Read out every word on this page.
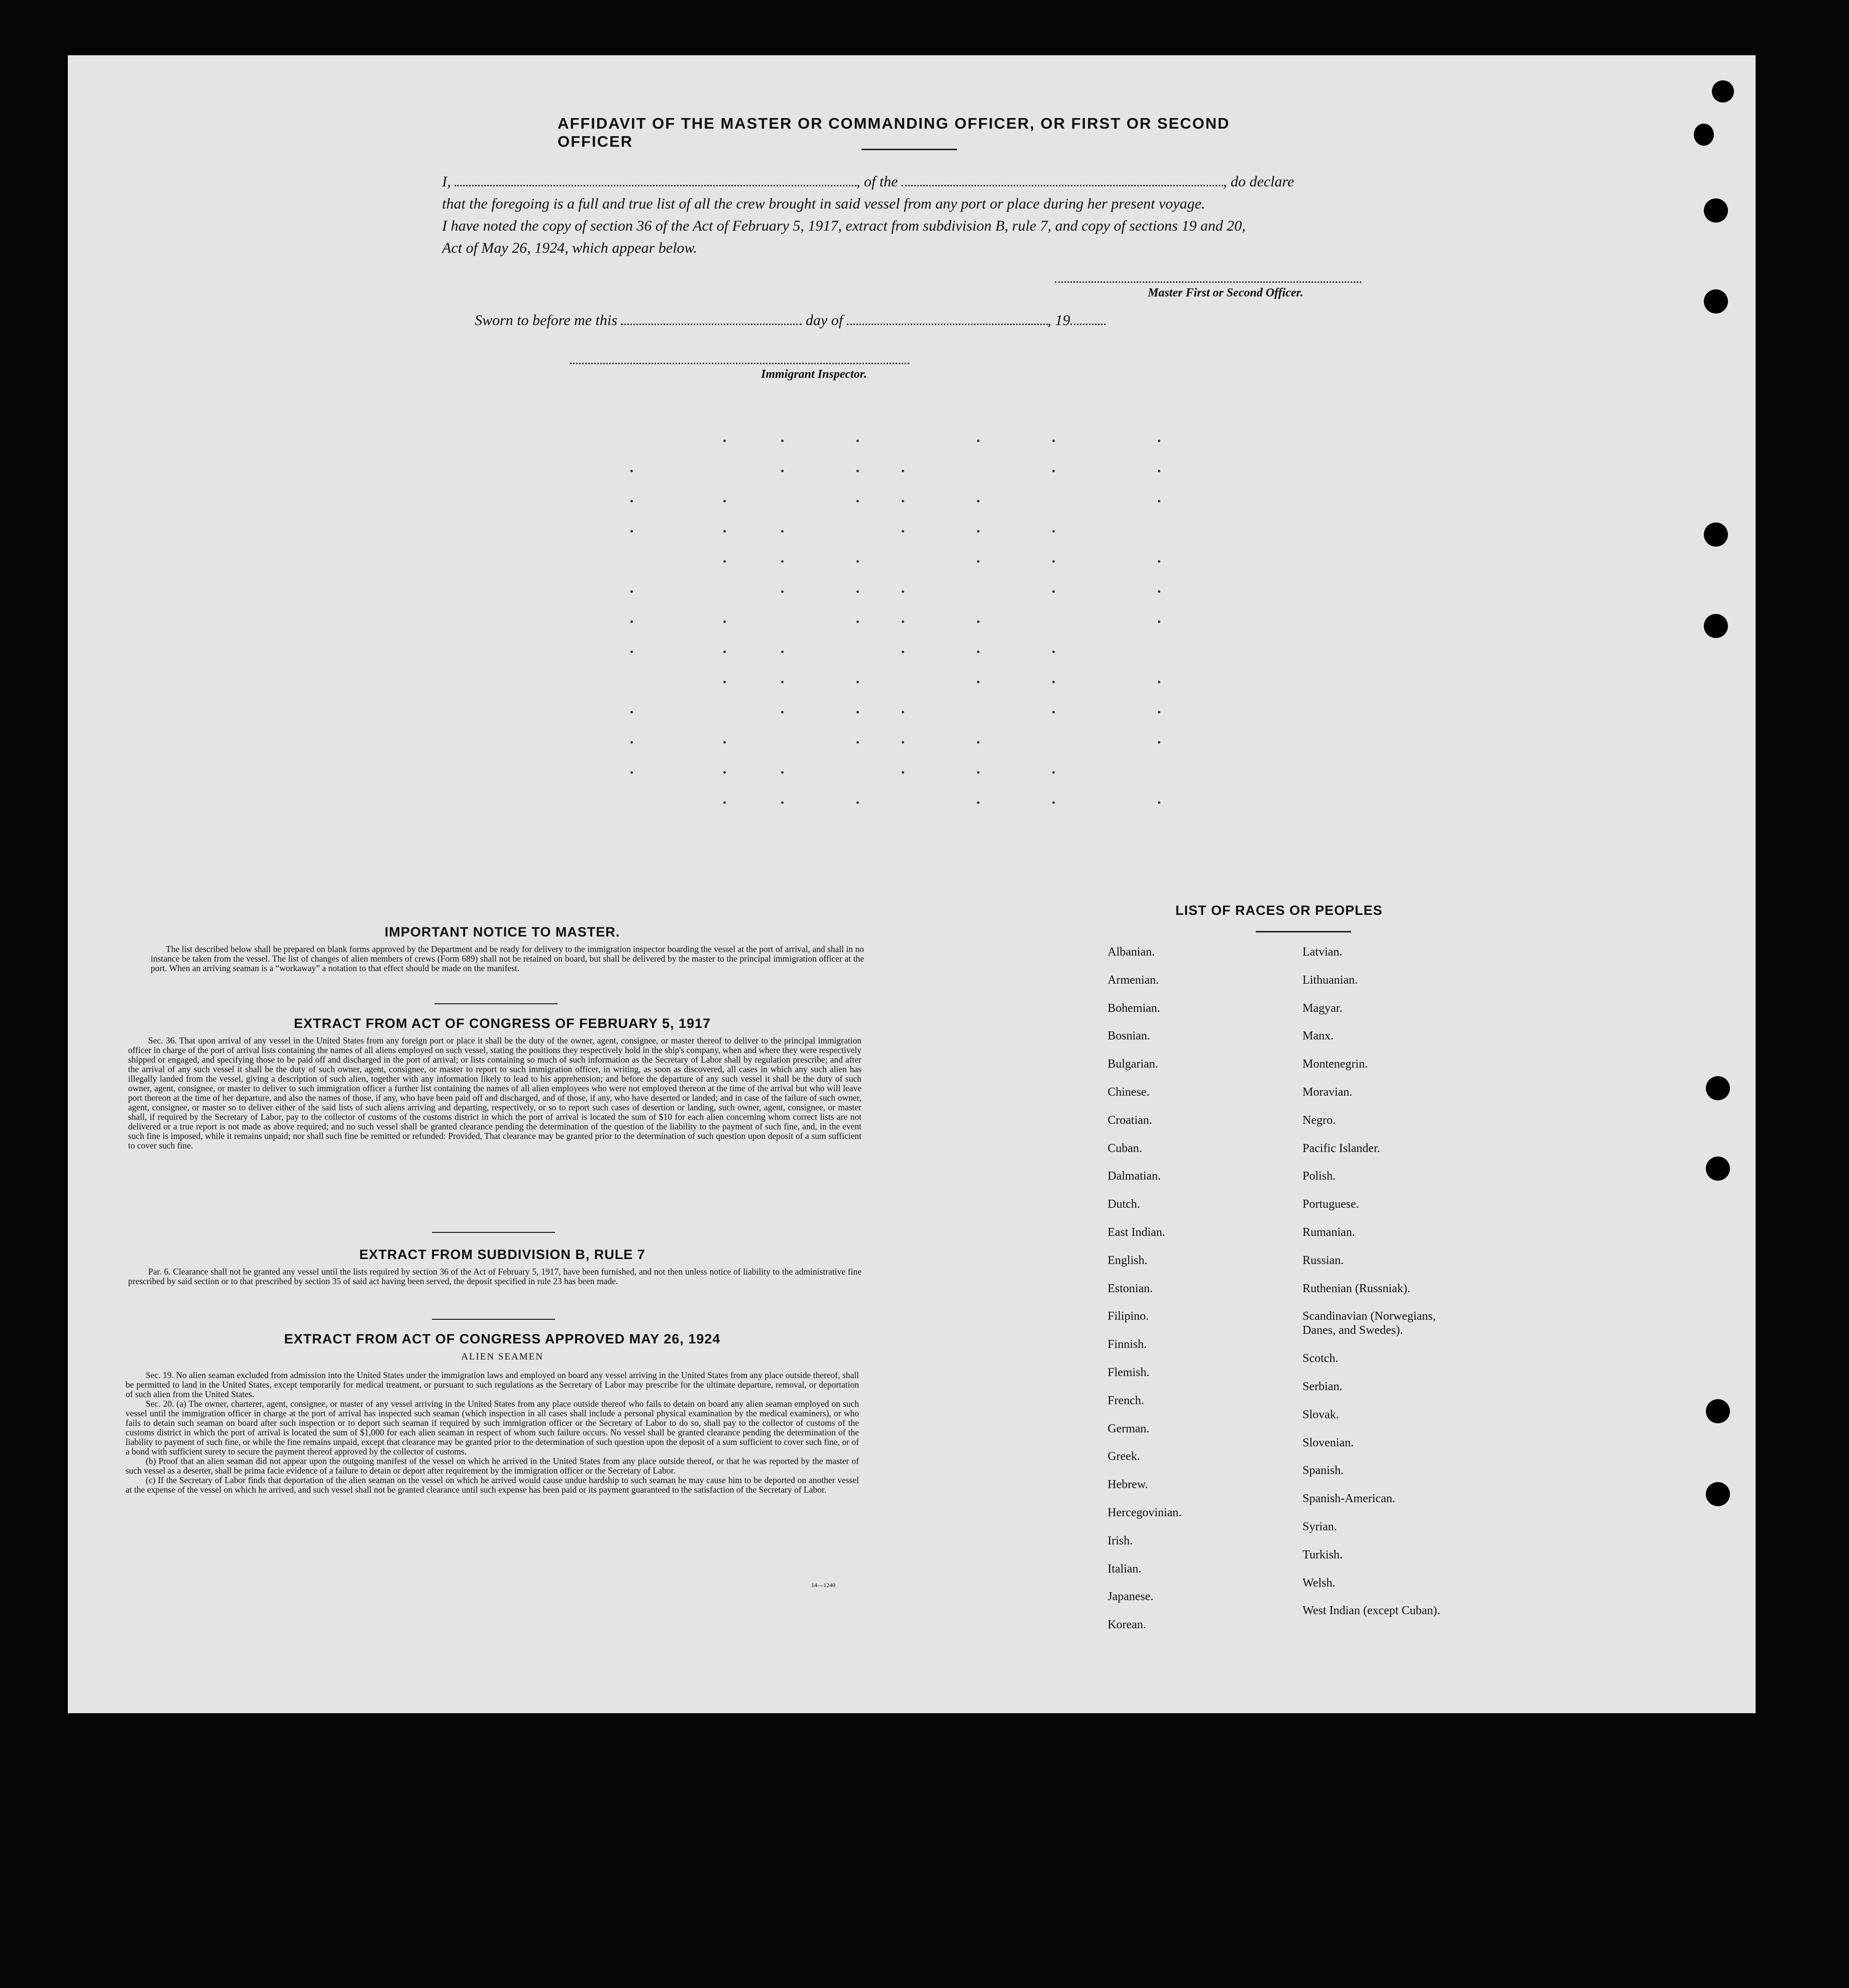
AFFIDAVIT OF THE MASTER OR COMMANDING OFFICER, OR FIRST OR SECOND OFFICER
I,	, of the	, do declare
that the foregoing is a full and true list of all the crew brought in said vessel from any port or place during her present voyage.
I have noted the copy of section 36 of the Act of February 5, 1917, extract from subdivision B, rule 7, and copy of sections 19 and 20,
Act of May 26, 1924, which appear below.
Master First or Second Officer.
Sworn to before me this	day of	, 19
Immigrant Inspector.
IMPORTANT NOTICE TO MASTER.
The list described below shall be prepared on blank forms approved by the Department and be ready for delivery to the immigration inspector boarding the vessel at the port of arrival, and shall in no instance be taken from the vessel. The list of changes of alien members of crews (Form 689) shall not be retained on board, but shall be delivered by the master to the principal immigration officer at the port. When an arriving seaman is a “workaway” a notation to that effect should be made on the manifest.
EXTRACT FROM ACT OF CONGRESS OF FEBRUARY 5, 1917
Sec. 36. That upon arrival of any vessel in the United States from any foreign port or place it shall be the duty of the owner, agent, consignee, or master thereof to deliver to the principal immigration officer in charge of the port of arrival lists containing the names of all aliens employed on such vessel, stating the positions they respectively hold in the ship's company, when and where they were respectively shipped or engaged, and specifying those to be paid off and discharged in the port of arrival; or lists containing so much of such information as the Secretary of Labor shall by regulation prescribe; and after the arrival of any such vessel it shall be the duty of such owner, agent, consignee, or master to report to such immigration officer, in writing, as soon as discovered, all cases in which any such alien has illegally landed from the vessel, giving a description of such alien, together with any information likely to lead to his apprehension; and before the departure of any such vessel it shall be the duty of such owner, agent, consignee, or master to deliver to such immigration officer a further list containing the names of all alien employees who were not employed thereon at the time of the arrival but who will leave port thereon at the time of her departure, and also the names of those, if any, who have been paid off and discharged, and of those, if any, who have deserted or landed; and in case of the failure of such owner, agent, consignee, or master so to deliver either of the said lists of such aliens arriving and departing, respectively, or so to report such cases of desertion or landing, such owner, agent, consignee, or master shall, if required by the Secretary of Labor, pay to the collector of customs of the customs district in which the port of arrival is located the sum of $10 for each alien concerning whom correct lists are not delivered or a true report is not made as above required; and no such vessel shall be granted clearance pending the determination of the question of the liability to the payment of such fine, and, in the event such fine is imposed, while it remains unpaid; nor shall such fine be remitted or refunded: Provided, That clearance may be granted prior to the determination of such question upon deposit of a sum sufficient to cover such fine.
EXTRACT FROM SUBDIVISION B, RULE 7
Par. 6. Clearance shall not be granted any vessel until the lists required by section 36 of the Act of February 5, 1917, have been furnished, and not then unless notice of liability to the administrative fine prescribed by said section or to that prescribed by section 35 of said act having been served, the deposit specified in rule 23 has been made.
EXTRACT FROM ACT OF CONGRESS APPROVED MAY 26, 1924
ALIEN SEAMEN
Sec. 19. No alien seaman excluded from admission into the United States under the immigration laws and employed on board any vessel arriving in the United States from any place outside thereof, shall be permitted to land in the United States, except temporarily for medical treatment, or pursuant to such regulations as the Secretary of Labor may prescribe for the ultimate departure, removal, or deportation of such alien from the United States.
Sec. 20. (a) The owner, charterer, agent, consignee, or master of any vessel arriving in the United States from any place outside thereof who fails to detain on board any alien seaman employed on such vessel until the immigration officer in charge at the port of arrival has inspected such seaman (which inspection in all cases shall include a personal physical examination by the medical examiners), or who fails to detain such seaman on board after such inspection or to deport such seaman if required by such immigration officer or the Secretary of Labor to do so, shall pay to the collector of customs of the customs district in which the port of arrival is located the sum of $1,000 for each alien seaman in respect of whom such failure occurs. No vessel shall be granted clearance pending the determination of the liability to payment of such fine, or while the fine remains unpaid, except that clearance may be granted prior to the determination of such question upon the deposit of a sum sufficient to cover such fine, or of a bond with sufficient surety to secure the payment thereof approved by the collector of customs.
(b) Proof that an alien seaman did not appear upon the outgoing manifest of the vessel on which he arrived in the United States from any place outside thereof, or that he was reported by the master of such vessel as a deserter, shall be prima facie evidence of a failure to detain or deport after requirement by the immigration officer or the Secretary of Labor.
(c) If the Secretary of Labor finds that deportation of the alien seaman on the vessel on which he arrived would cause undue hardship to such seaman he may cause him to be deported on another vessel at the expense of the vessel on which he arrived, and such vessel shall not be granted clearance until such expense has been paid or its payment guaranteed to the satisfaction of the Secretary of Labor.
14—1240
LIST OF RACES OR PEOPLES
Albanian.
Armenian.
Bohemian.
Bosnian.
Bulgarian.
Chinese.
Croatian.
Cuban.
Dalmatian.
Dutch.
East Indian.
English.
Estonian.
Filipino.
Finnish.
Flemish.
French.
German.
Greek.
Hebrew.
Hercegovinian.
Irish.
Italian.
Japanese.
Korean.
Latvian.
Lithuanian.
Magyar.
Manx.
Montenegrin.
Moravian.
Negro.
Pacific Islander.
Polish.
Portuguese.
Rumanian.
Russian.
Ruthenian (Russniak).
Scandinavian (Norwegians,
Danes, and Swedes).
Scotch.
Serbian.
Slovak.
Slovenian.
Spanish.
Spanish-American.
Syrian.
Turkish.
Welsh.
West Indian (except Cuban).
